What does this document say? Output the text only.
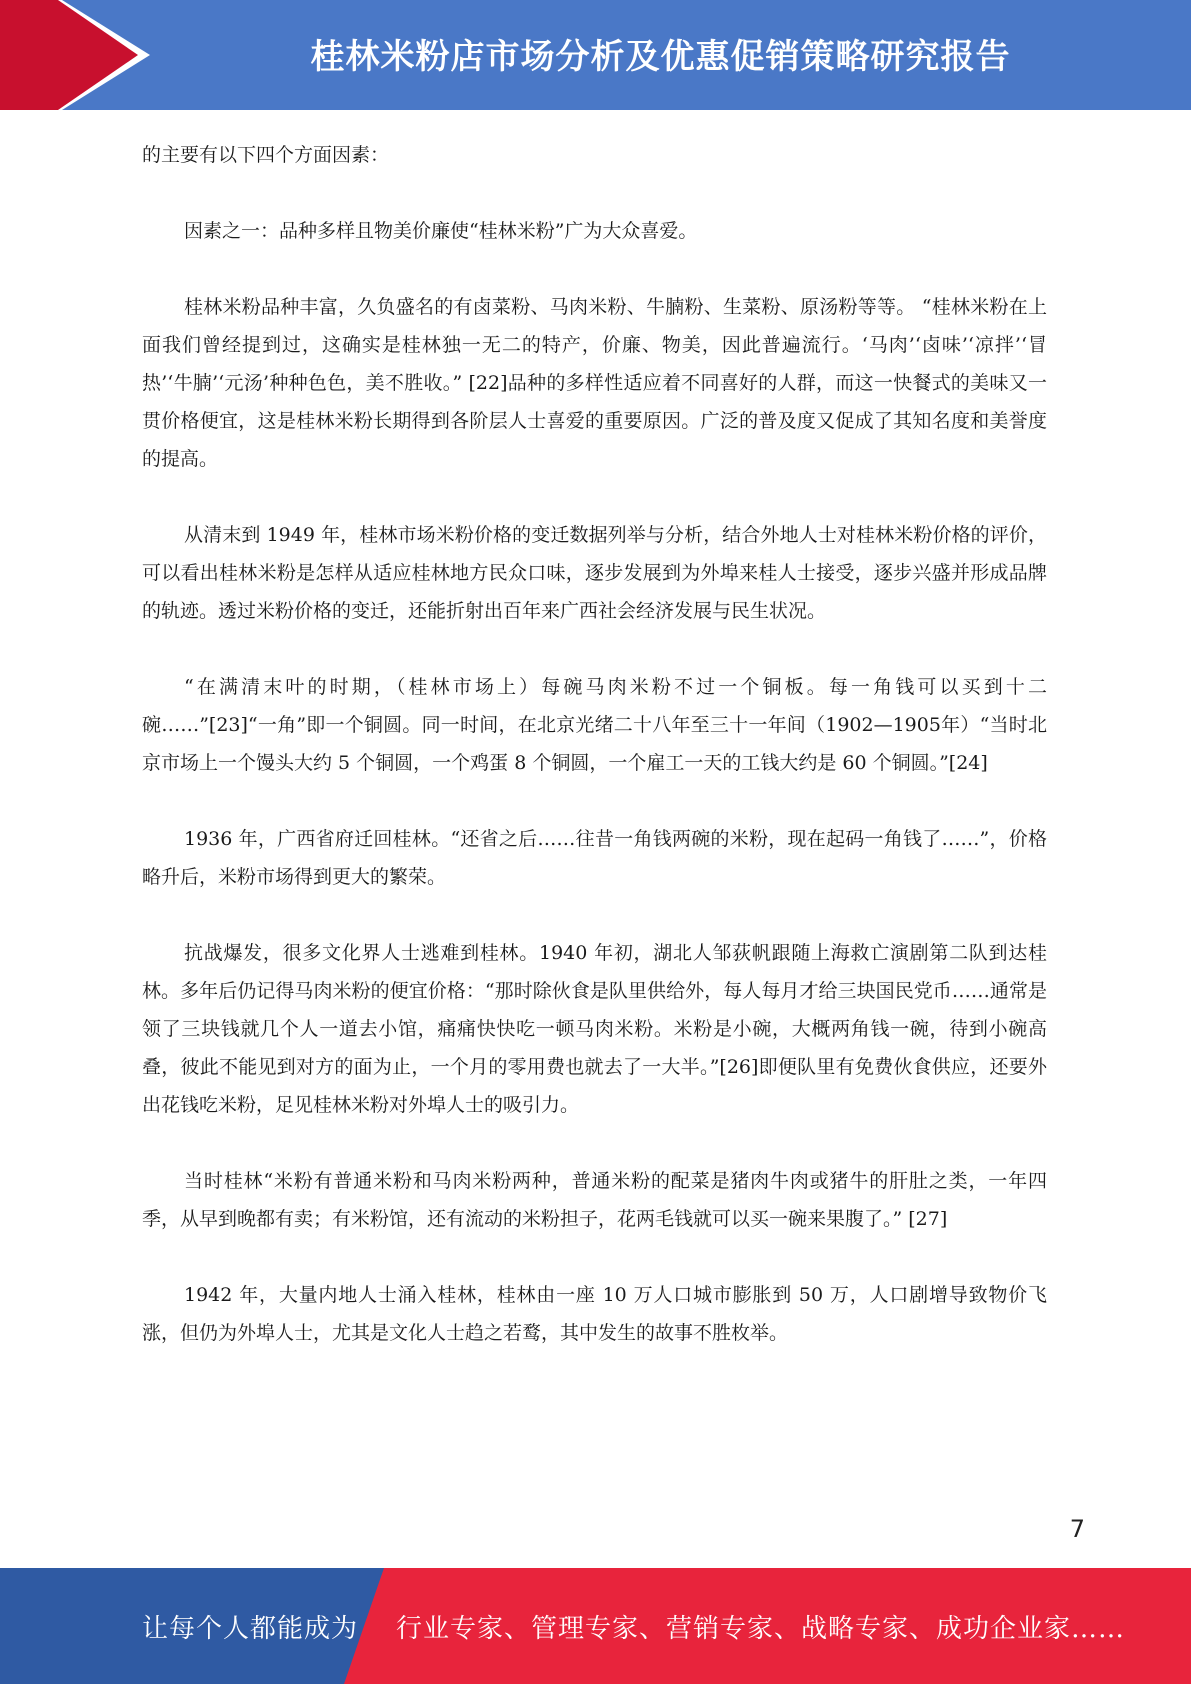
桂林米粉店市场分析及优惠促销策略研究报告

的主要有以下四个方面因素：

因素之一：品种多样且物美价廉使“桂林米粉”广为大众喜爱。

桂林米粉品种丰富，久负盛名的有卤菜粉、马肉米粉、牛腩粉、生菜粉、原汤粉等等。 “桂林米粉在上面我们曾经提到过，这确实是桂林独一无二的特产，价廉、物美，因此普遍流行。‘马肉’‘卤味’‘凉拌’‘冒热’‘牛腩’‘元汤’种种色色，美不胜收。” [22]品种的多样性适应着不同喜好的人群，而这一快餐式的美味又一贯价格便宜，这是桂林米粉长期得到各阶层人士喜爱的重要原因。广泛的普及度又促成了其知名度和美誉度的提高。

从清末到 1949 年，桂林市场米粉价格的变迁数据列举与分析，结合外地人士对桂林米粉价格的评价，可以看出桂林米粉是怎样从适应桂林地方民众口味，逐步发展到为外埠来桂人士接受，逐步兴盛并形成品牌的轨迹。透过米粉价格的变迁，还能折射出百年来广西社会经济发展与民生状况。

“在满清末叶的时期，（桂林市场上）每碗马肉米粉不过一个铜板。每一角钱可以买到十二碗……”[23]“一角”即一个铜圆。同一时间，在北京光绪二十八年至三十一年间（1902—1905年）“当时北京市场上一个馒头大约 5 个铜圆，一个鸡蛋 8 个铜圆，一个雇工一天的工钱大约是 60 个铜圆。”[24]

1936 年，广西省府迁回桂林。“还省之后……往昔一角钱两碗的米粉，现在起码一角钱了……”，价格略升后，米粉市场得到更大的繁荣。

抗战爆发，很多文化界人士逃难到桂林。1940 年初，湖北人邹荻帆跟随上海救亡演剧第二队到达桂林。多年后仍记得马肉米粉的便宜价格：“那时除伙食是队里供给外，每人每月才给三块国民党币……通常是领了三块钱就几个人一道去小馆，痛痛快快吃一顿马肉米粉。米粉是小碗，大概两角钱一碗，待到小碗高叠，彼此不能见到对方的面为止，一个月的零用费也就去了一大半。”[26]即便队里有免费伙食供应，还要外出花钱吃米粉，足见桂林米粉对外埠人士的吸引力。

当时桂林“米粉有普通米粉和马肉米粉两种，普通米粉的配菜是猪肉牛肉或猪牛的肝肚之类，一年四季，从早到晚都有卖；有米粉馆，还有流动的米粉担子，花两毛钱就可以买一碗来果腹了。” [27]

1942 年，大量内地人士涌入桂林，桂林由一座 10 万人口城市膨胀到 50 万，人口剧增导致物价飞涨，但仍为外埠人士，尤其是文化人士趋之若鹜，其中发生的故事不胜枚举。

7
让每个人都能成为 行业专家、管理专家、营销专家、战略专家、成功企业家……
